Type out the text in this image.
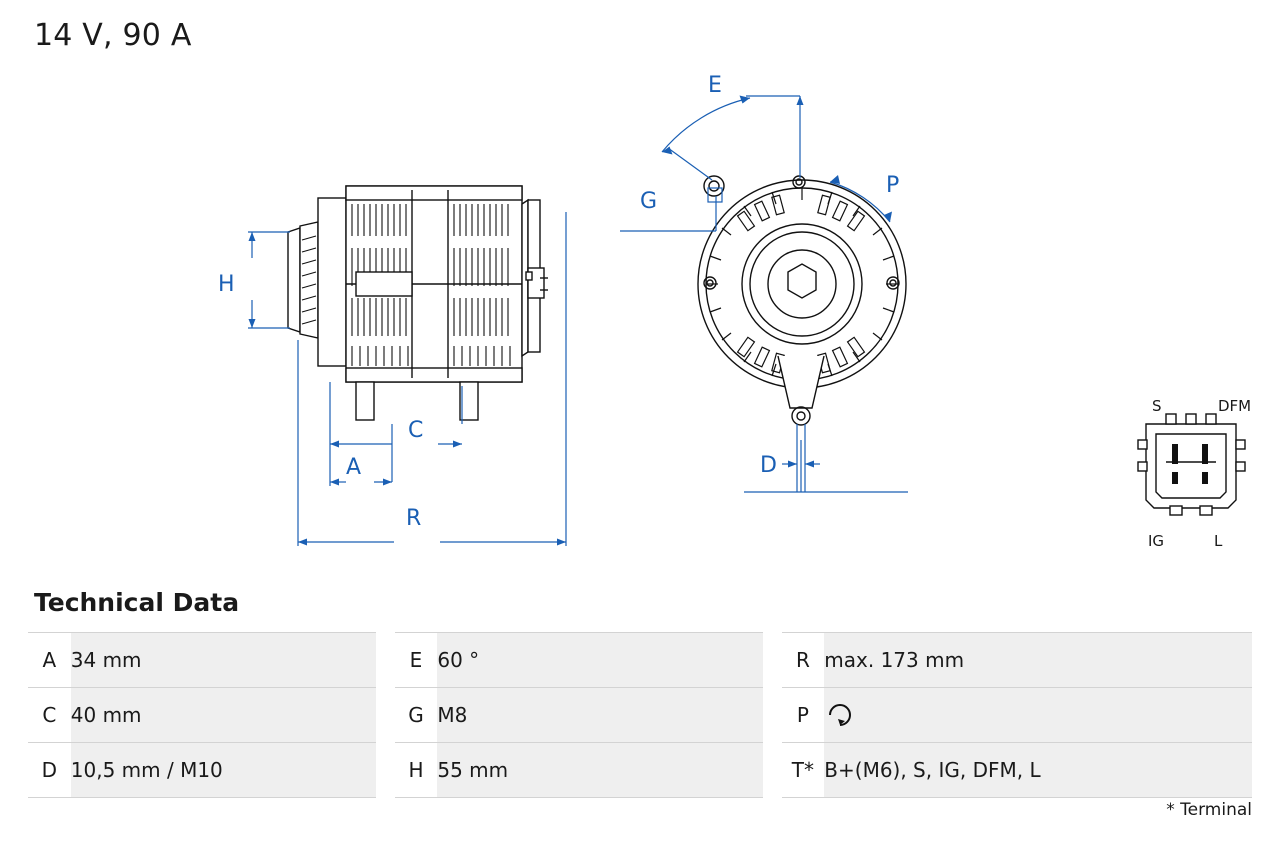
14 V, 90 A
H
C
A
R
E
G
P
D
S	DFM
IG	L
Technical Data
A	34 mm		E	60 °		R	max. 173 mm
C	40 mm		G	M8		P	
D	10,5 mm / M10		H	55 mm		T*	B+(M6), S, IG, DFM, L
* Terminal
